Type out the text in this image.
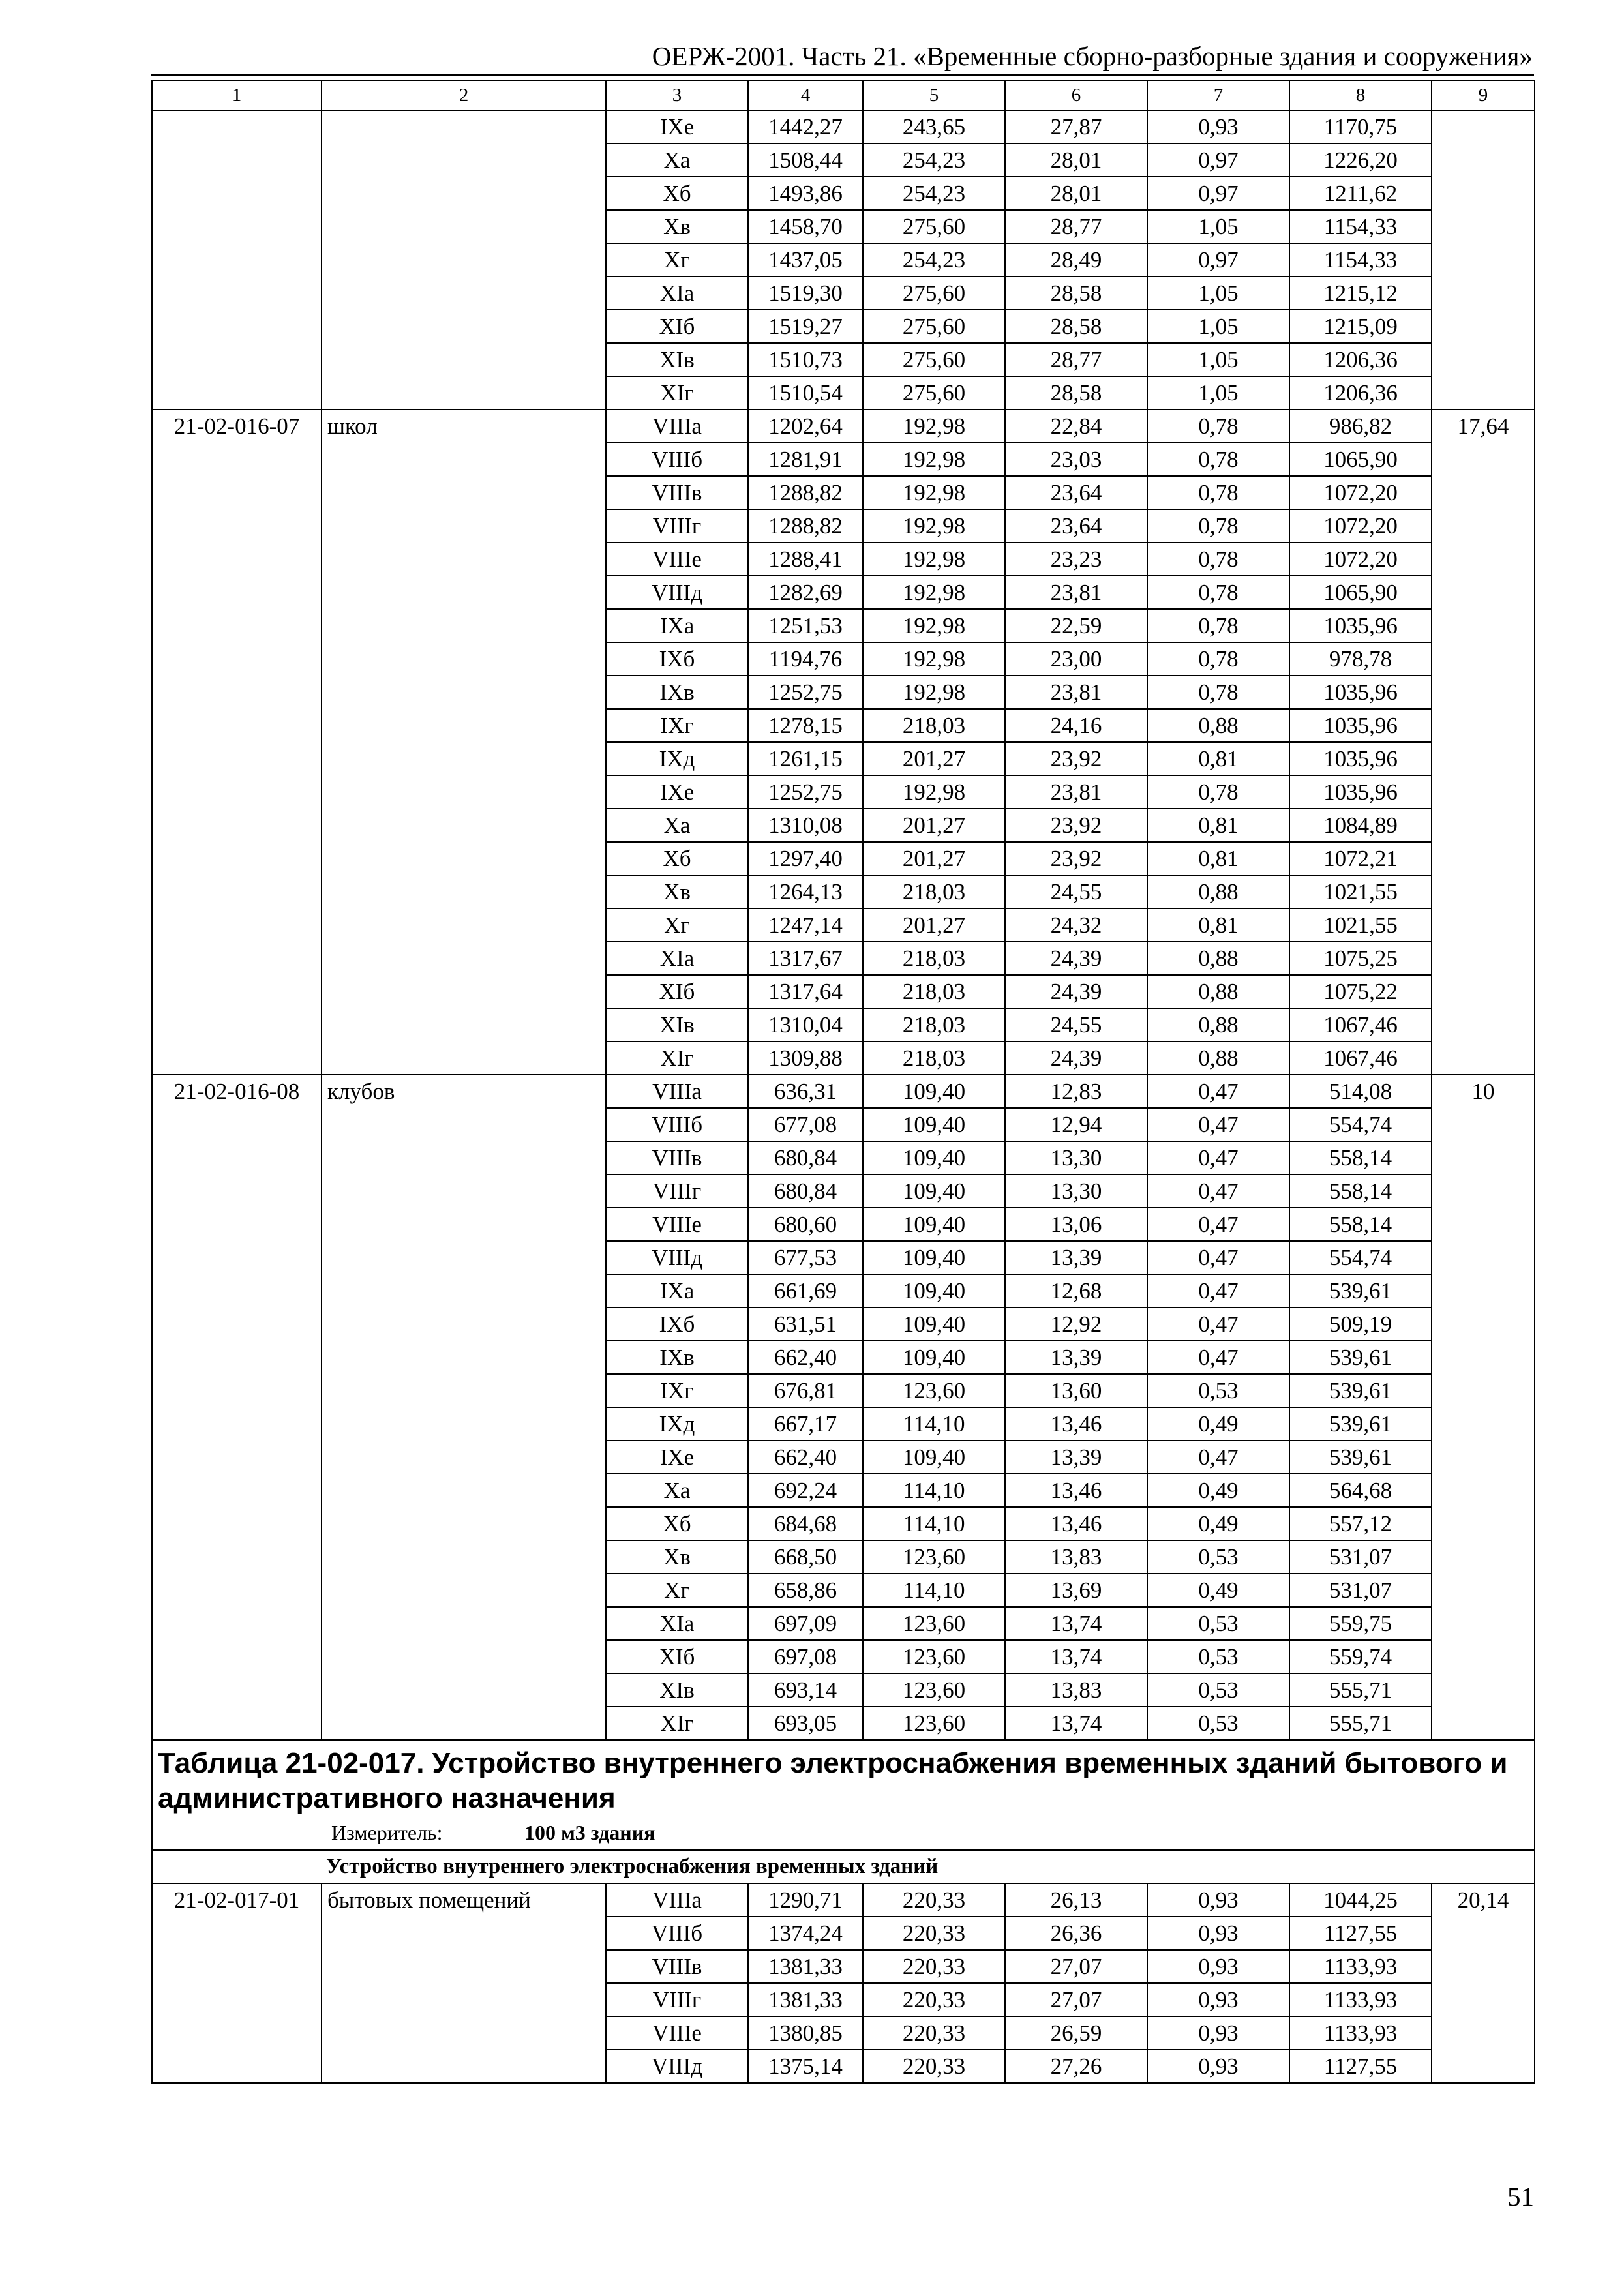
ОЕРЖ-2001. Часть 21. «Временные сборно-разборные здания и сооружения»
1	2	3	4	5	6	7	8	9
		IXе	1442,27	243,65	27,87	0,93	1170,75	
		Xа	1508,44	254,23	28,01	0,97	1226,20	
		Xб	1493,86	254,23	28,01	0,97	1211,62	
		Xв	1458,70	275,60	28,77	1,05	1154,33	
		Xг	1437,05	254,23	28,49	0,97	1154,33	
		XIа	1519,30	275,60	28,58	1,05	1215,12	
		XIб	1519,27	275,60	28,58	1,05	1215,09	
		XIв	1510,73	275,60	28,77	1,05	1206,36	
		XIг	1510,54	275,60	28,58	1,05	1206,36	
21-02-016-07	школ	VIIIа	1202,64	192,98	22,84	0,78	986,82	17,64
		VIIIб	1281,91	192,98	23,03	0,78	1065,90	
		VIIIв	1288,82	192,98	23,64	0,78	1072,20	
		VIIIг	1288,82	192,98	23,64	0,78	1072,20	
		VIIIе	1288,41	192,98	23,23	0,78	1072,20	
		VIIIд	1282,69	192,98	23,81	0,78	1065,90	
		IXа	1251,53	192,98	22,59	0,78	1035,96	
		IXб	1194,76	192,98	23,00	0,78	978,78	
		IXв	1252,75	192,98	23,81	0,78	1035,96	
		IXг	1278,15	218,03	24,16	0,88	1035,96	
		IXд	1261,15	201,27	23,92	0,81	1035,96	
		IXе	1252,75	192,98	23,81	0,78	1035,96	
		Xа	1310,08	201,27	23,92	0,81	1084,89	
		Xб	1297,40	201,27	23,92	0,81	1072,21	
		Xв	1264,13	218,03	24,55	0,88	1021,55	
		Xг	1247,14	201,27	24,32	0,81	1021,55	
		XIа	1317,67	218,03	24,39	0,88	1075,25	
		XIб	1317,64	218,03	24,39	0,88	1075,22	
		XIв	1310,04	218,03	24,55	0,88	1067,46	
		XIг	1309,88	218,03	24,39	0,88	1067,46	
21-02-016-08	клубов	VIIIа	636,31	109,40	12,83	0,47	514,08	10
		VIIIб	677,08	109,40	12,94	0,47	554,74	
		VIIIв	680,84	109,40	13,30	0,47	558,14	
		VIIIг	680,84	109,40	13,30	0,47	558,14	
		VIIIе	680,60	109,40	13,06	0,47	558,14	
		VIIIд	677,53	109,40	13,39	0,47	554,74	
		IXа	661,69	109,40	12,68	0,47	539,61	
		IXб	631,51	109,40	12,92	0,47	509,19	
		IXв	662,40	109,40	13,39	0,47	539,61	
		IXг	676,81	123,60	13,60	0,53	539,61	
		IXд	667,17	114,10	13,46	0,49	539,61	
		IXе	662,40	109,40	13,39	0,47	539,61	
		Xа	692,24	114,10	13,46	0,49	564,68	
		Xб	684,68	114,10	13,46	0,49	557,12	
		Xв	668,50	123,60	13,83	0,53	531,07	
		Xг	658,86	114,10	13,69	0,49	531,07	
		XIа	697,09	123,60	13,74	0,53	559,75	
		XIб	697,08	123,60	13,74	0,53	559,74	
		XIв	693,14	123,60	13,83	0,53	555,71	
		XIг	693,05	123,60	13,74	0,53	555,71	

Таблица 21-02-017. Устройство внутреннего электроснабжения временных зданий бытового и административного назначения
Измеритель: 100 м3 здания								

Устройство внутреннего электроснабжения временных зданий								
21-02-017-01	бытовых помещений	VIIIа	1290,71	220,33	26,13	0,93	1044,25	20,14
		VIIIб	1374,24	220,33	26,36	0,93	1127,55	
		VIIIв	1381,33	220,33	27,07	0,93	1133,93	
		VIIIг	1381,33	220,33	27,07	0,93	1133,93	
		VIIIе	1380,85	220,33	26,59	0,93	1133,93	
		VIIIд	1375,14	220,33	27,26	0,93	1127,55	
51
